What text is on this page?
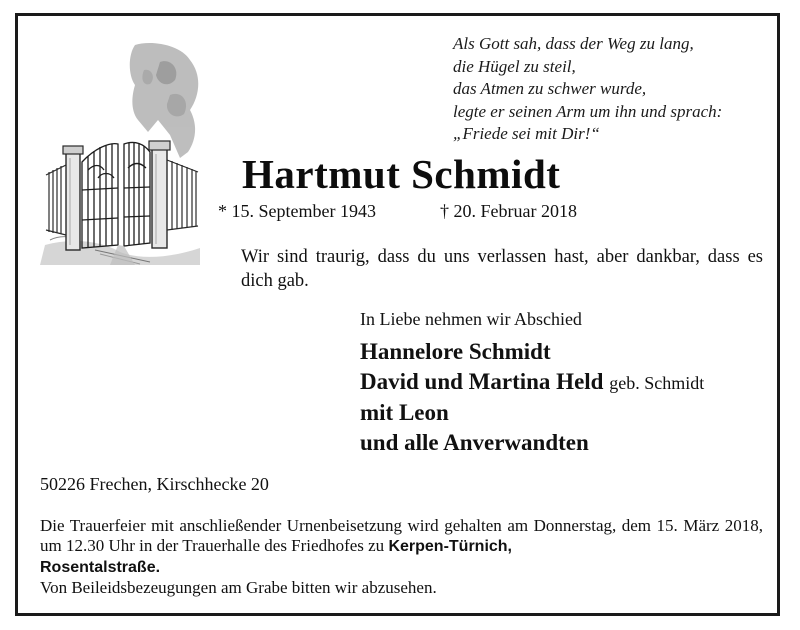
Als Gott sah, dass der Weg zu lang,
die Hügel zu steil,
das Atmen zu schwer wurde,
legte er seinen Arm um ihn und sprach:
„Friede sei mit Dir!“
Hartmut Schmidt
* 15. September 1943	† 20. Februar 2018
Wir sind traurig, dass du uns verlassen hast, aber dankbar, dass es dich gab.
In Liebe nehmen wir Abschied
Hannelore Schmidt
David und Martina Held geb. Schmidt
mit Leon
und alle Anverwandten
50226 Frechen, Kirschhecke 20
Die Trauerfeier mit anschließender Urnenbeisetzung wird gehalten am Donnerstag, dem 15. März 2018, um 12.30 Uhr in der Trauerhalle des Friedhofes zu Kerpen-Türnich,
Rosentalstraße.
Von Beileidsbezeugungen am Grabe bitten wir abzusehen.
